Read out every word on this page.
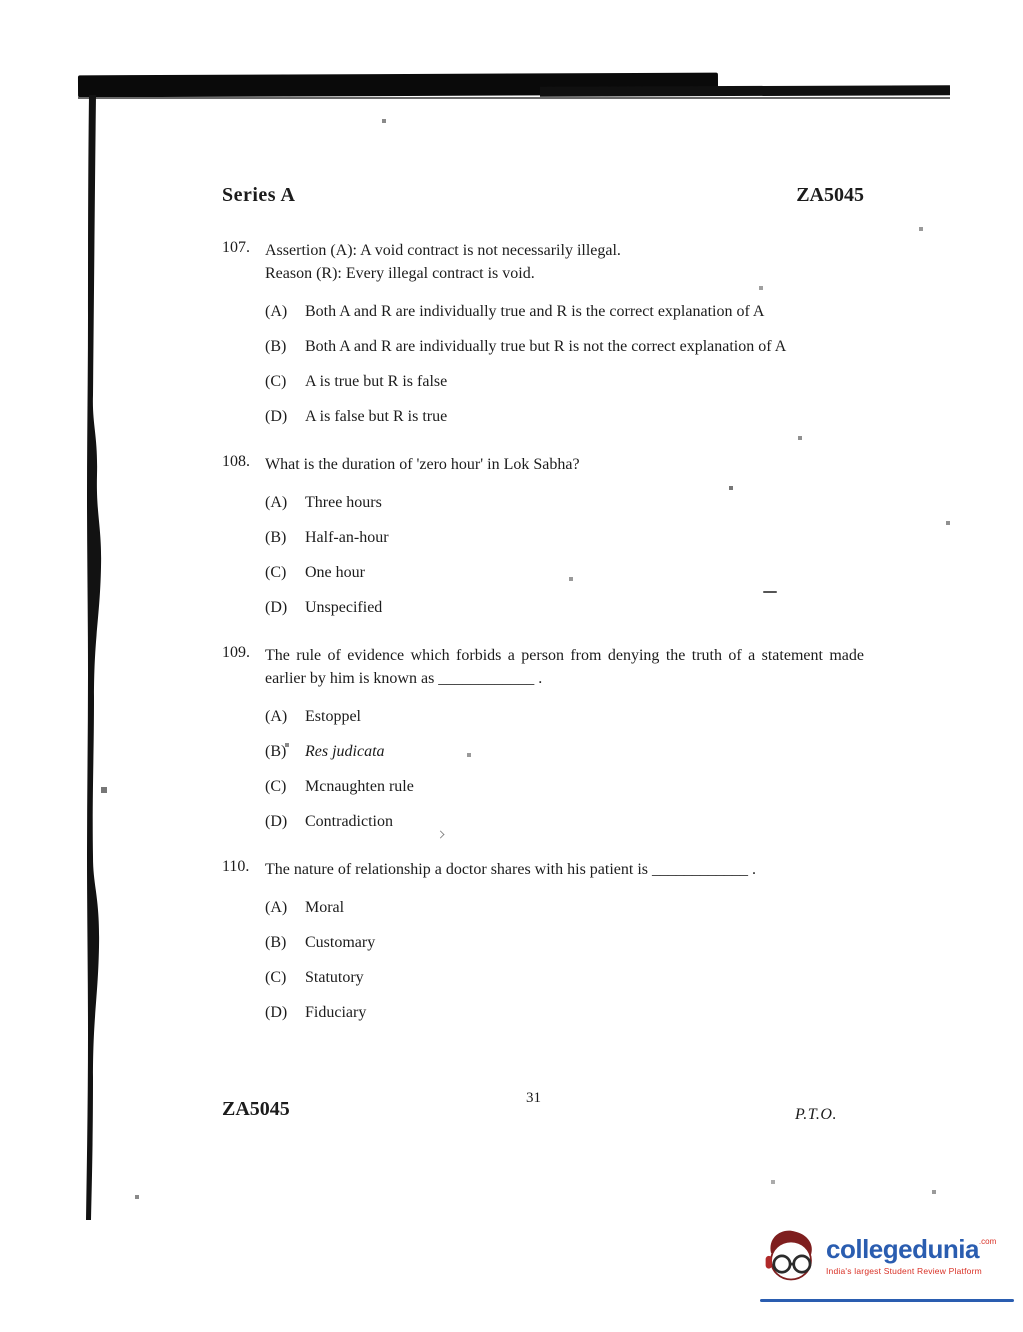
Series A	ZA5045
107. Assertion (A): A void contract is not necessarily illegal.
Reason (R): Every illegal contract is void.
(A)	Both A and R are individually true and R is the correct explanation of A
(B)	Both A and R are individually true but R is not the correct explanation of A
(C)	A is true but R is false
(D)	A is false but R is true
108. What is the duration of 'zero hour' in Lok Sabha?
(A)	Three hours
(B)	Half-an-hour
(C)	One hour
(D)	Unspecified
109. The rule of evidence which forbids a person from denying the truth of a statement made earlier by him is known as ____________ .
(A)	Estoppel
(B)	Res judicata
(C)	Mcnaughten rule
(D)	Contradiction
110. The nature of relationship a doctor shares with his patient is ____________ .
(A)	Moral
(B)	Customary
(C)	Statutory
(D)	Fiduciary
ZA5045	31
P.T.O.
collegedunia .com
India's largest Student Review Platform
